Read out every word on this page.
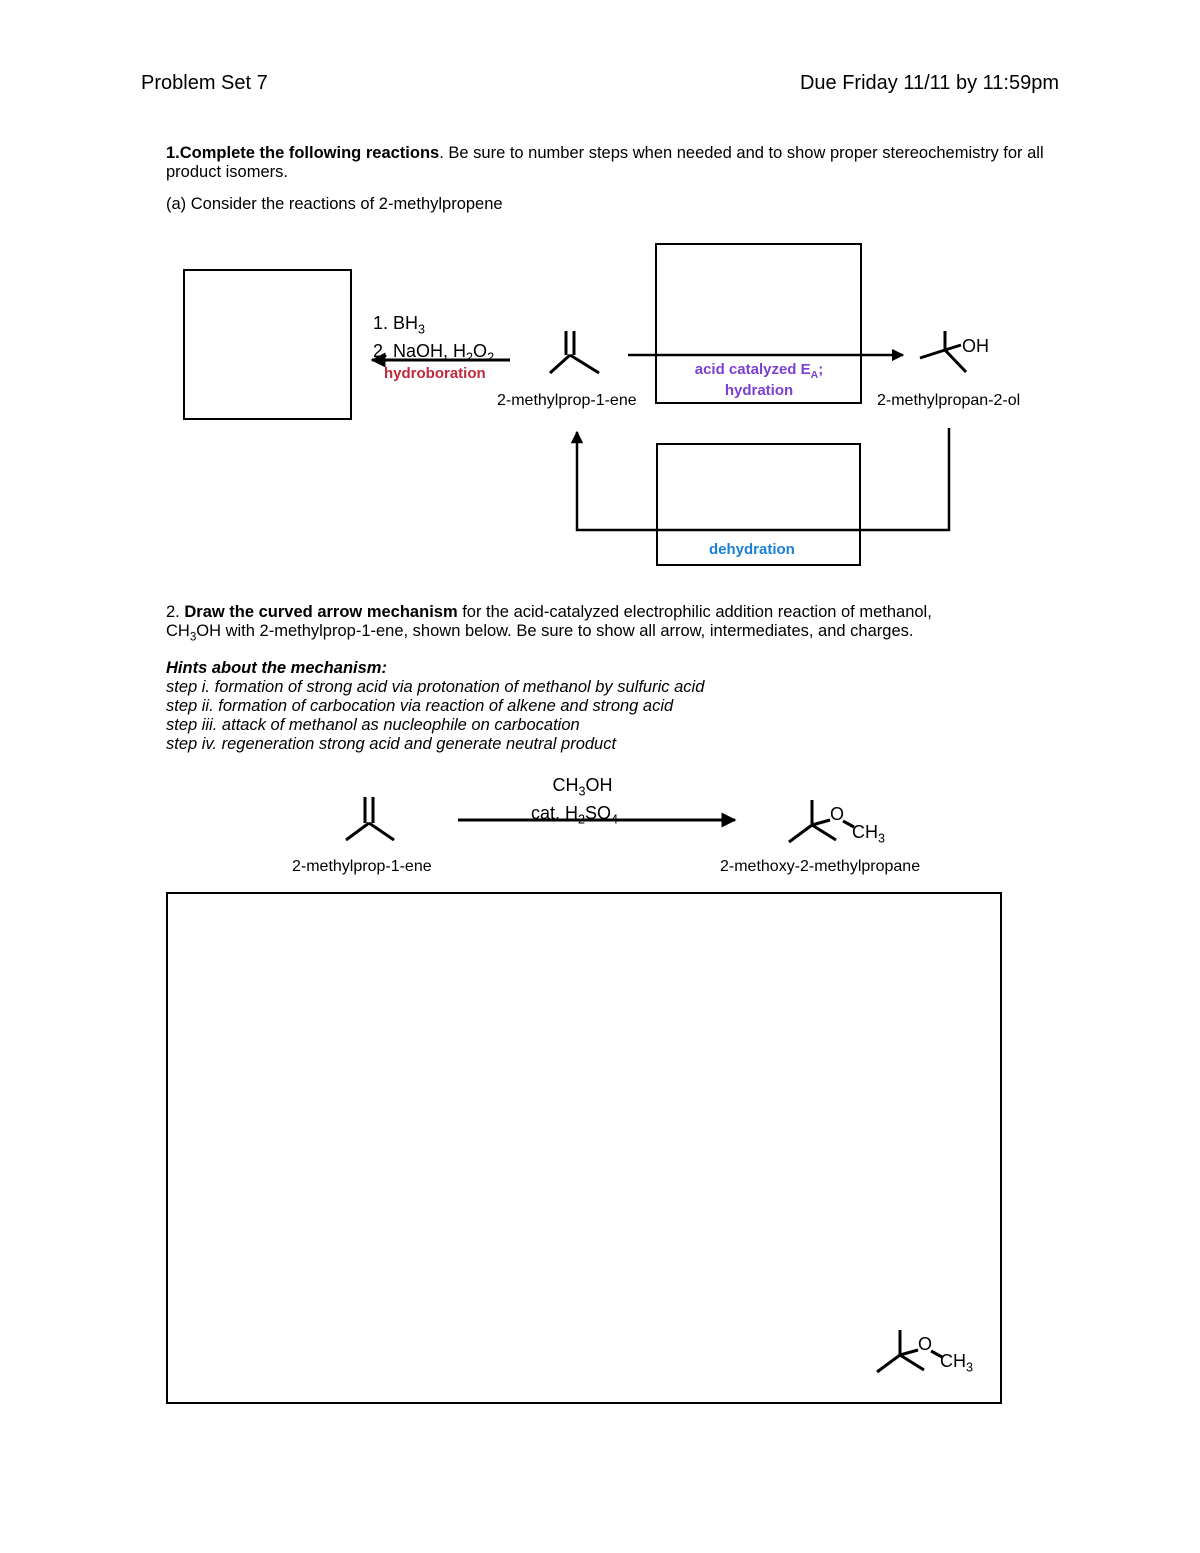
Problem Set 7	Due Friday 11/11 by 11:59pm
1.Complete the following reactions. Be sure to number steps when needed and to show proper stereochemistry for all product isomers.
(a) Consider the reactions of 2-methylpropene
1. $BH_3$
2. NaOH, $H_2O_2$
hydroboration	acid catalyzed $E_A$;
hydration
dehydration
2-methylprop-1-ene	2-methylpropan-2-ol
OH
2. Draw the curved arrow mechanism for the acid-catalyzed electrophilic addition reaction of methanol,
$CH_3OH$ with 2-methylprop-1-ene, shown below. Be sure to show all arrow, intermediates, and charges.
Hints about the mechanism:
step i. formation of strong acid via protonation of methanol by sulfuric acid
step ii. formation of carbocation via reaction of alkene and strong acid
step iii. attack of methanol as nucleophile on carbocation
step iv. regeneration strong acid and generate neutral product
$CH_3OH$
cat. $H_2SO_4$	O
$CH_3$
2-methylprop-1-ene	2-methoxy-2-methylpropane
O
$CH_3$
